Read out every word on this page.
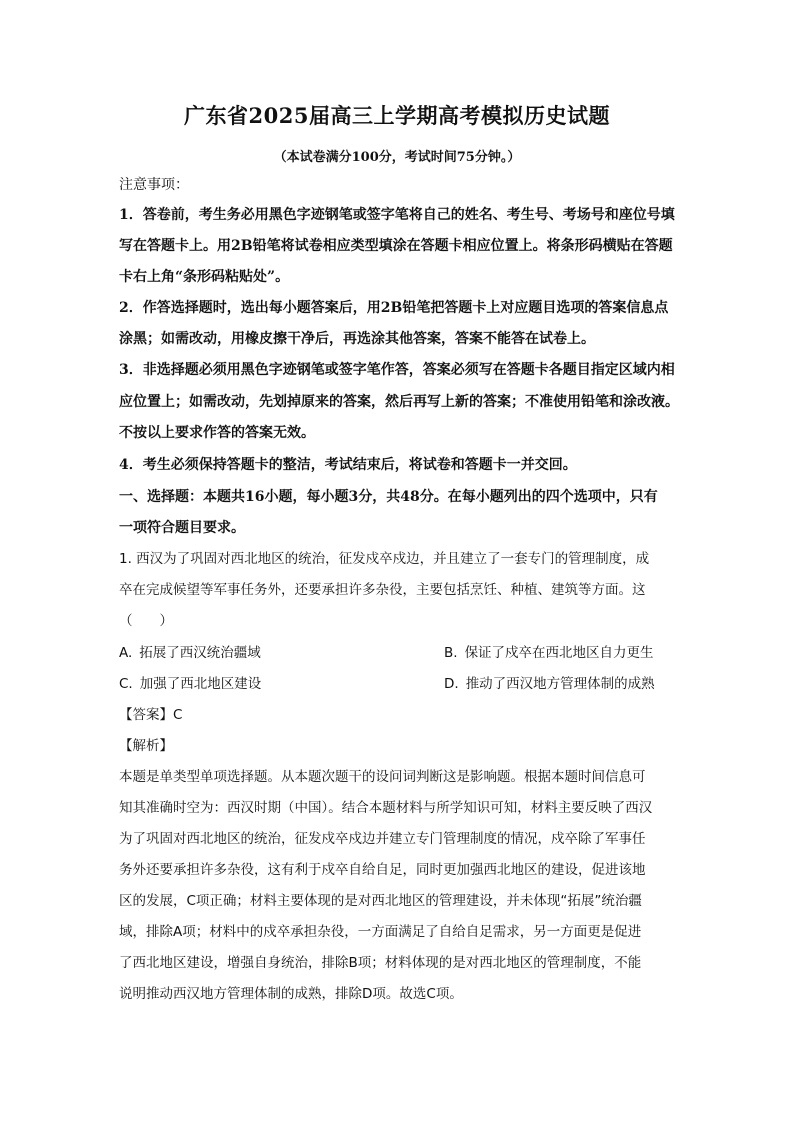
广东省2025届高三上学期高考模拟历史试题
（本试卷满分100分，考试时间75分钟。）
注意事项：
1．答卷前，考生务必用黑色字迹钢笔或签字笔将自己的姓名、考生号、考场号和座位号填
写在答题卡上。用2B铅笔将试卷相应类型填涂在答题卡相应位置上。将条形码横贴在答题
卡右上角“条形码粘贴处”。
2．作答选择题时，选出每小题答案后，用2B铅笔把答题卡上对应题目选项的答案信息点
涂黑；如需改动，用橡皮擦干净后，再选涂其他答案，答案不能答在试卷上。
3．非选择题必须用黑色字迹钢笔或签字笔作答，答案必须写在答题卡各题目指定区域内相
应位置上；如需改动，先划掉原来的答案，然后再写上新的答案；不准使用铅笔和涂改液。
不按以上要求作答的答案无效。
4．考生必须保持答题卡的整洁，考试结束后，将试卷和答题卡一并交回。
一、选择题：本题共16小题，每小题3分，共48分。在每小题列出的四个选项中，只有
一项符合题目要求。
1. 西汉为了巩固对西北地区的统治，征发戍卒戍边，并且建立了一套专门的管理制度，成
卒在完成候望等军事任务外，还要承担许多杂役，主要包括烹饪、种植、建筑等方面。这
（　　）
A. 拓展了西汉统治疆域	B. 保证了戍卒在西北地区自力更生
C. 加强了西北地区建设	D. 推动了西汉地方管理体制的成熟
【答案】C
【解析】
本题是单类型单项选择题。从本题次题干的设问词判断这是影响题。根据本题时间信息可
知其准确时空为：西汉时期（中国）。结合本题材料与所学知识可知，材料主要反映了西汉
为了巩固对西北地区的统治，征发戍卒戍边并建立专门管理制度的情况，戍卒除了军事任
务外还要承担许多杂役，这有利于戍卒自给自足，同时更加强西北地区的建设，促进该地
区的发展，C项正确；材料主要体现的是对西北地区的管理建设，并未体现“拓展”统治疆
域，排除A项；材料中的戍卒承担杂役，一方面满足了自给自足需求，另一方面更是促进
了西北地区建设，增强自身统治，排除B项；材料体现的是对西北地区的管理制度，不能
说明推动西汉地方管理体制的成熟，排除D项。故选C项。
